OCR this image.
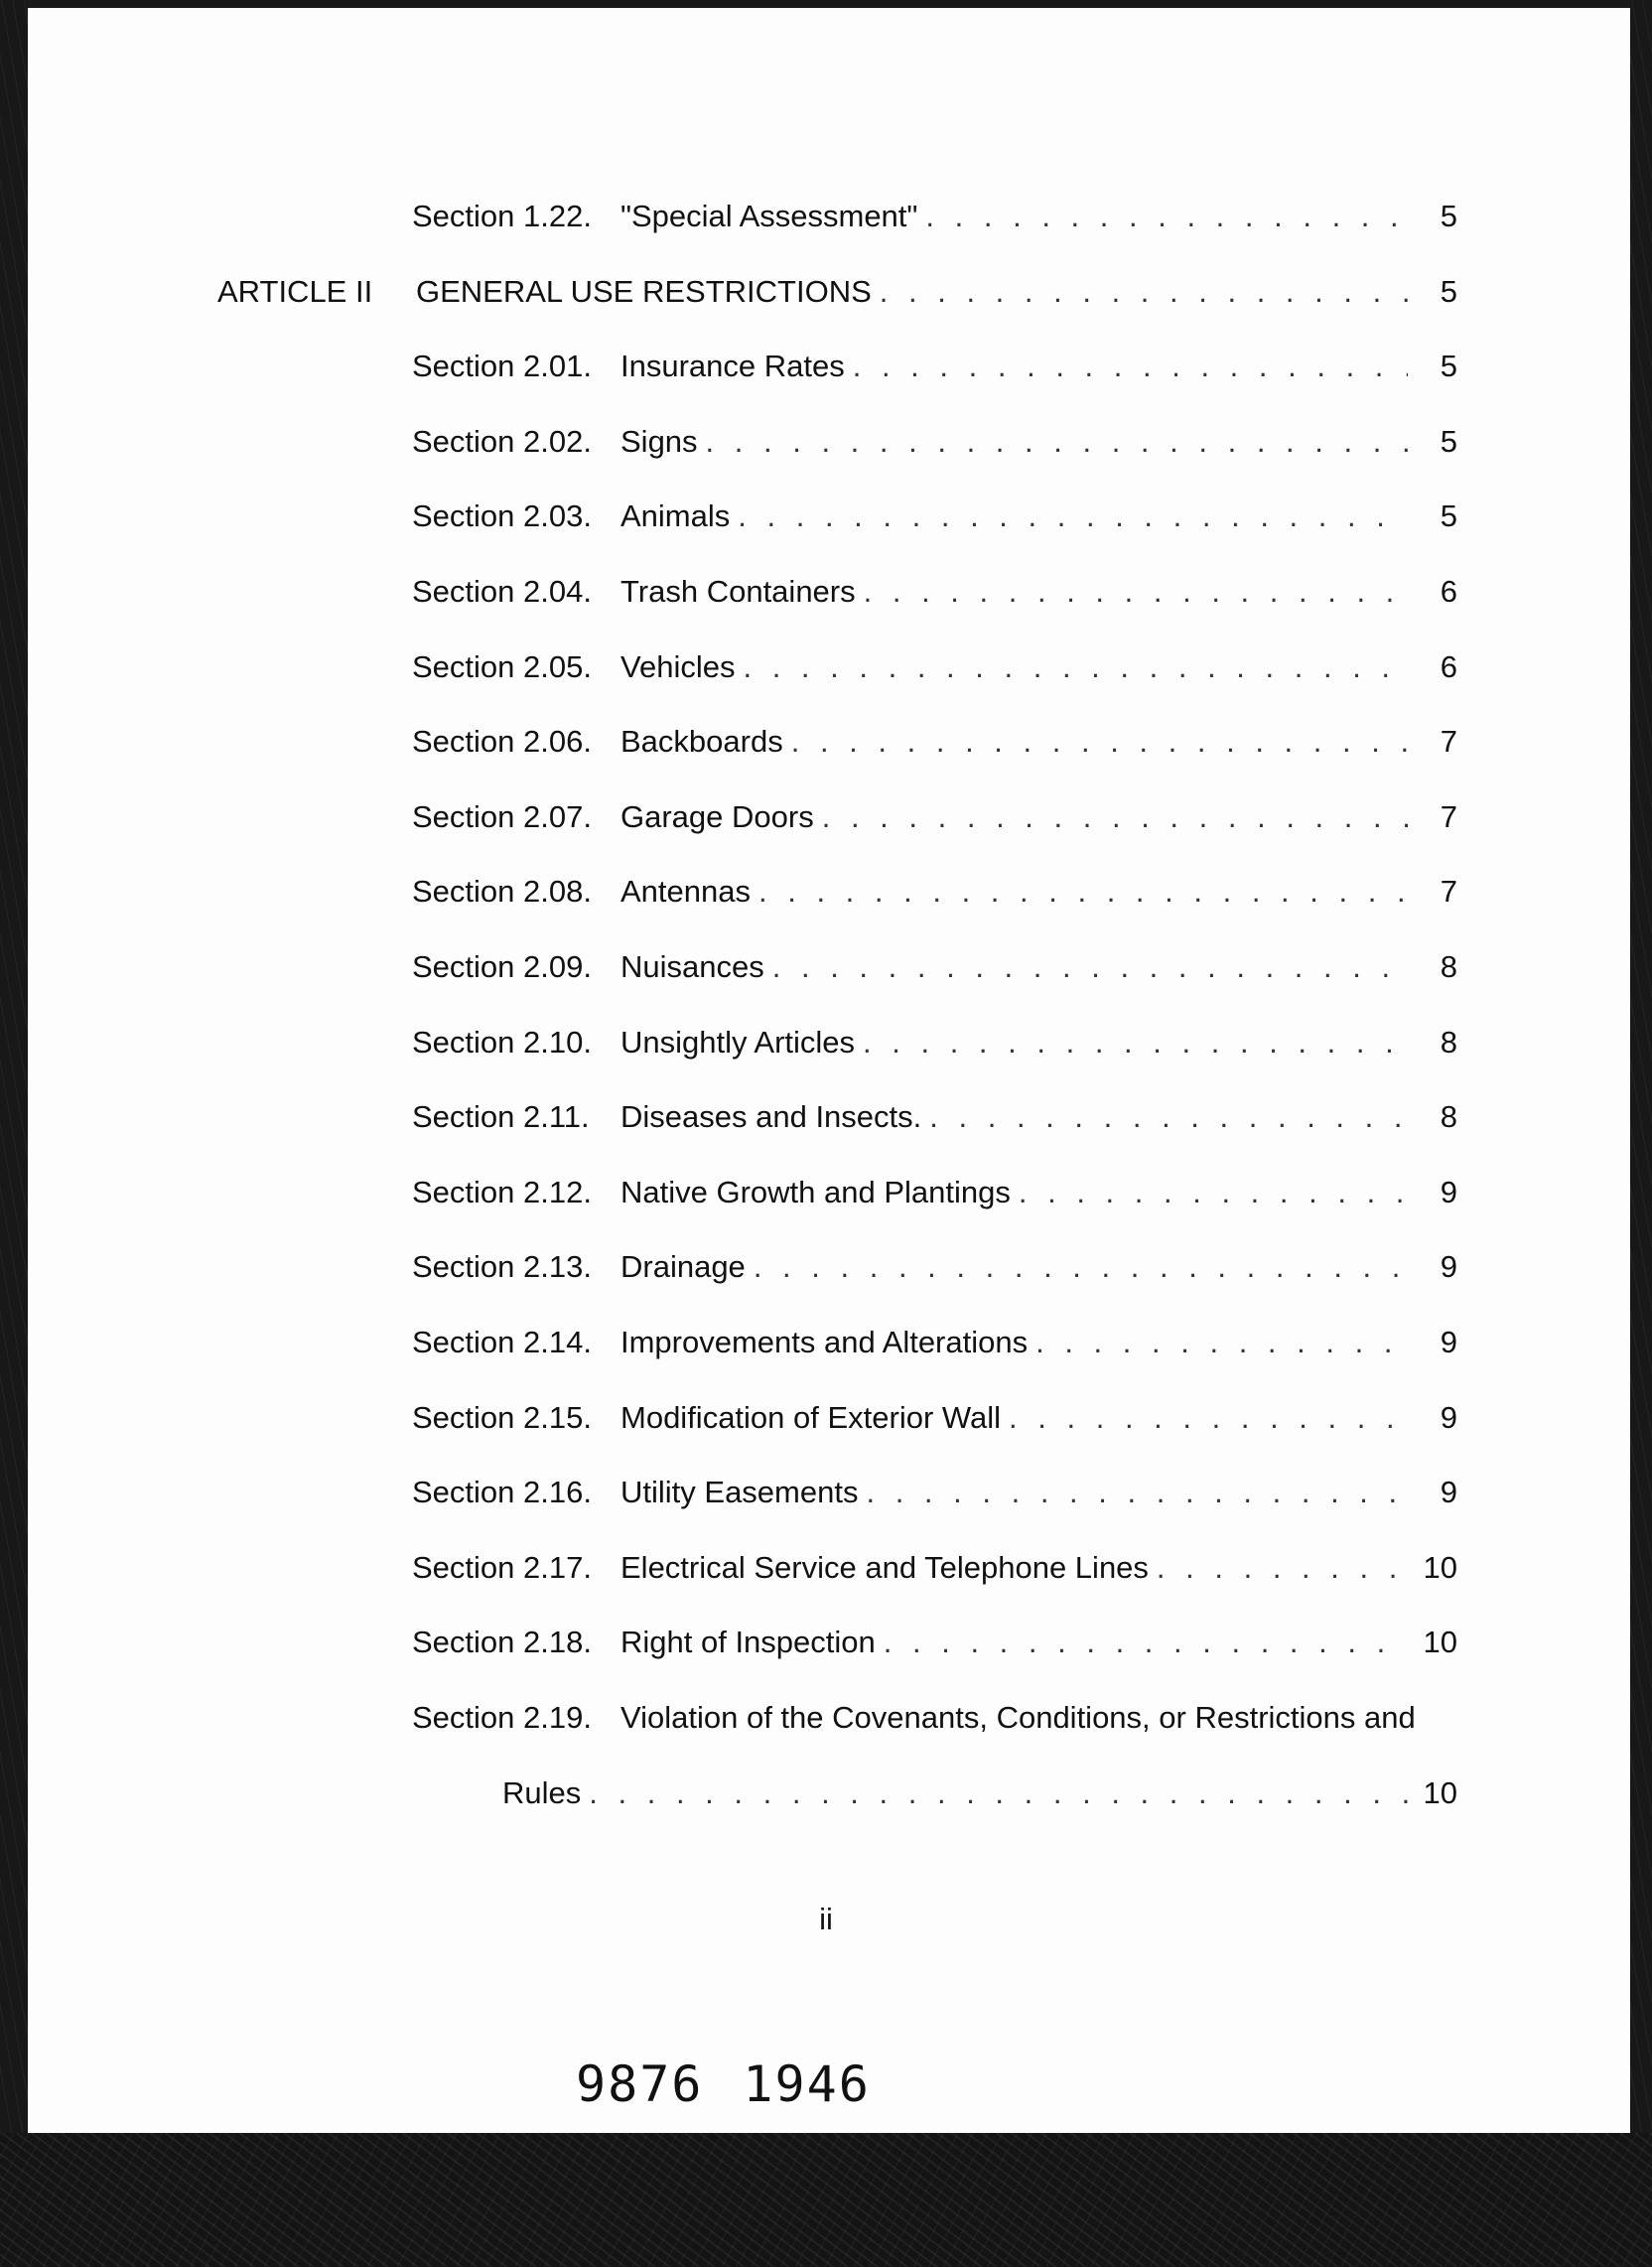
Section 1.22. "Special Assessment" . . .	5
ARTICLE II	GENERAL USE RESTRICTIONS . . .	5
Section 2.01. Insurance Rates . . .	5
Section 2.02. Signs . . .	5
Section 2.03. Animals . . .	5
Section 2.04. Trash Containers . . .	6
Section 2.05. Vehicles . . .	6
Section 2.06. Backboards . . .	7
Section 2.07. Garage Doors . . .	7
Section 2.08. Antennas . . .	7
Section 2.09. Nuisances . . .	8
Section 2.10. Unsightly Articles . . .	8
Section 2.11.	Diseases and Insects. . . .	8
Section 2.12. Native Growth and Plantings . . .	9
Section 2.13. Drainage . . .	9
Section 2.14. Improvements and Alterations . . .	9
Section 2.15. Modification of Exterior Wall . . .	9
Section 2.16. Utility Easements . . .	9
Section 2.17. Electrical Service and Telephone Lines . . .	10
Section 2.18. Right of Inspection . . .	10
Section 2.19. Violation of the Covenants, Conditions, or Restrictions and
Rules . . .	10
ii
9876 1946
